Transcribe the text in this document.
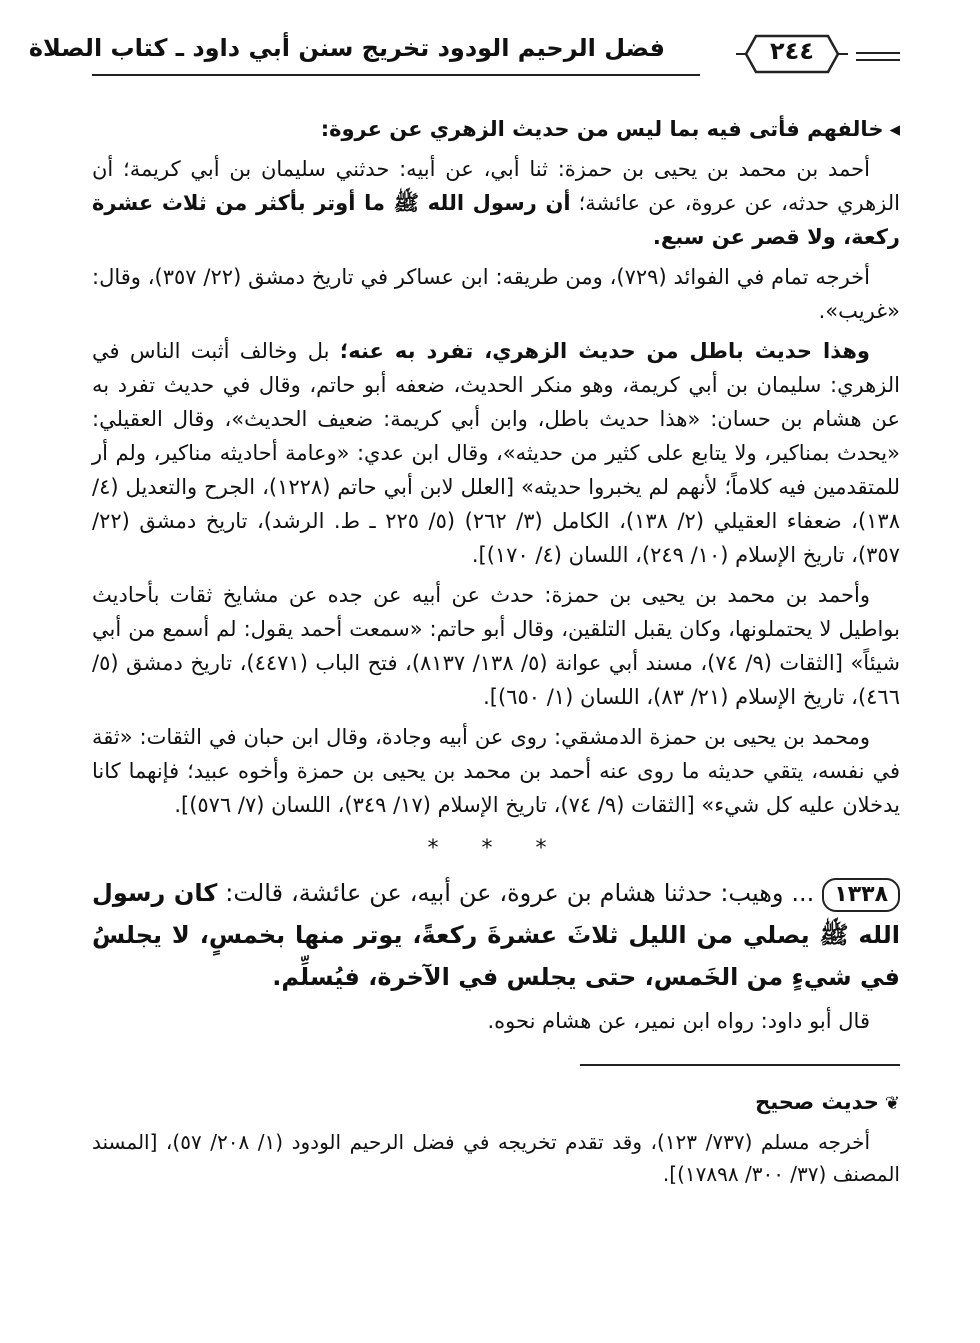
فضل الرحيم الودود تخريج سنن أبي داود ـ كتاب الصلاة	٢٤٤

◂خالفهم فأتى فيه بما ليس من حديث الزهري عن عروة:

أحمد بن محمد بن يحيى بن حمزة: ثنا أبي، عن أبيه: حدثني سليمان بن أبي كريمة؛ أن الزهري حدثه، عن عروة، عن عائشة؛ أن رسول الله ﷺ ما أوتر بأكثر من ثلاث عشرة ركعة، ولا قصر عن سبع.

أخرجه تمام في الفوائد (٧٢٩)، ومن طريقه: ابن عساكر في تاريخ دمشق (٢٢/ ٣٥٧)، وقال: «غريب».

وهذا حديث باطل من حديث الزهري، تفرد به عنه؛ بل وخالف أثبت الناس في الزهري: سليمان بن أبي كريمة، وهو منكر الحديث، ضعفه أبو حاتم، وقال في حديث تفرد به عن هشام بن حسان: «هذا حديث باطل، وابن أبي كريمة: ضعيف الحديث»، وقال العقيلي: «يحدث بمناكير، ولا يتابع على كثير من حديثه»، وقال ابن عدي: «وعامة أحاديثه مناكير، ولم أر للمتقدمين فيه كلاماً؛ لأنهم لم يخبروا حديثه» [العلل لابن أبي حاتم (١٢٢٨)، الجرح والتعديل (٤/ ١٣٨)، ضعفاء العقيلي (٢/ ١٣٨)، الكامل (٣/ ٢٦٢) (٥/ ٢٢٥ ـ ط. الرشد)، تاريخ دمشق (٢٢/ ٣٥٧)، تاريخ الإسلام (١٠/ ٢٤٩)، اللسان (٤/ ١٧٠)].

وأحمد بن محمد بن يحيى بن حمزة: حدث عن أبيه عن جده عن مشايخ ثقات بأحاديث بواطيل لا يحتملونها، وكان يقبل التلقين، وقال أبو حاتم: «سمعت أحمد يقول: لم أسمع من أبي شيئاً» [الثقات (٩/ ٧٤)، مسند أبي عوانة (٥/ ١٣٨/ ٨١٣٧)، فتح الباب (٤٤٧١)، تاريخ دمشق (٥/ ٤٦٦)، تاريخ الإسلام (٢١/ ٨٣)، اللسان (١/ ٦٥٠)].

ومحمد بن يحيى بن حمزة الدمشقي: روى عن أبيه وجادة، وقال ابن حبان في الثقات: «ثقة في نفسه، يتقي حديثه ما روى عنه أحمد بن محمد بن يحيى بن حمزة وأخوه عبيد؛ فإنهما كانا يدخلان عليه كل شيء» [الثقات (٩/ ٧٤)، تاريخ الإسلام (١٧/ ٣٤٩)، اللسان (٧/ ٥٧٦)].

* * *

١٣٣٨... وهيب: حدثنا هشام بن عروة، عن أبيه، عن عائشة، قالت: كان رسول الله ﷺ يصلي من الليل ثلاثَ عشرةَ ركعةً، يوتر منها بخمسٍ، لا يجلسُ في شيءٍ من الخَمس، حتى يجلس في الآخرة، فيُسلِّم.

قال أبو داود: رواه ابن نمير، عن هشام نحوه.

❦حديث صحيح

أخرجه مسلم (٧٣٧/ ١٢٣)، وقد تقدم تخريجه في فضل الرحيم الودود (١/ ٢٠٨/ ٥٧)، [المسند المصنف (٣٧/ ٣٠٠/ ١٧٨٩٨)].
